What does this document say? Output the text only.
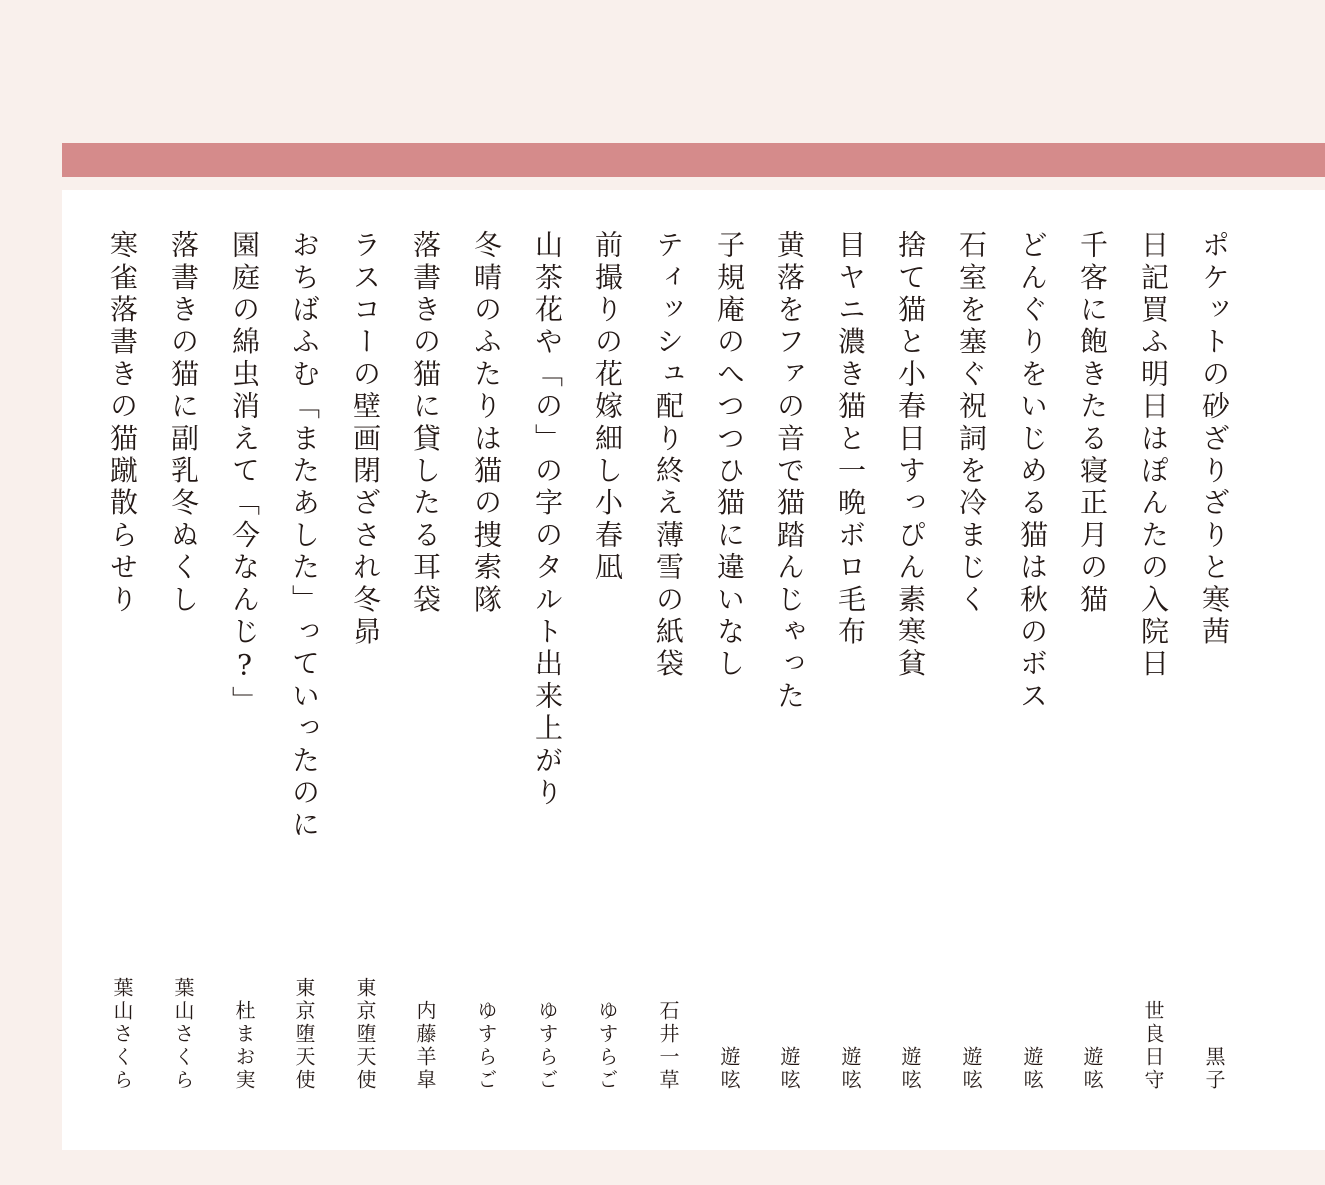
ポケットの砂ざりざりと寒茜
黒子
日記買ふ明日はぽんたの入院日
世良日守
千客に飽きたる寝正月の猫
遊呟
どんぐりをいじめる猫は秋のボス
遊呟
石室を塞ぐ祝詞を冷まじく
遊呟
捨て猫と小春日すっぴん素寒貧
遊呟
目ヤニ濃き猫と一晩ボロ毛布
遊呟
黄落をファの音で猫踏んじゃった
遊呟
子規庵のへつつひ猫に違いなし
遊呟
ティッシュ配り終え薄雪の紙袋
石井一草
前撮りの花嫁細し小春凪
ゆすらご
山茶花や「の」の字のタルト出来上がり
ゆすらご
冬晴のふたりは猫の捜索隊
ゆすらご
落書きの猫に貸したる耳袋
内藤羊皐
ラスコーの壁画閉ざされ冬昴
東京堕天使
おちばふむ「またあした」っていったのに
東京堕天使
園庭の綿虫消えて「今なんじ?」
杜まお実
落書きの猫に副乳冬ぬくし
葉山さくら
寒雀落書きの猫蹴散らせり
葉山さくら
